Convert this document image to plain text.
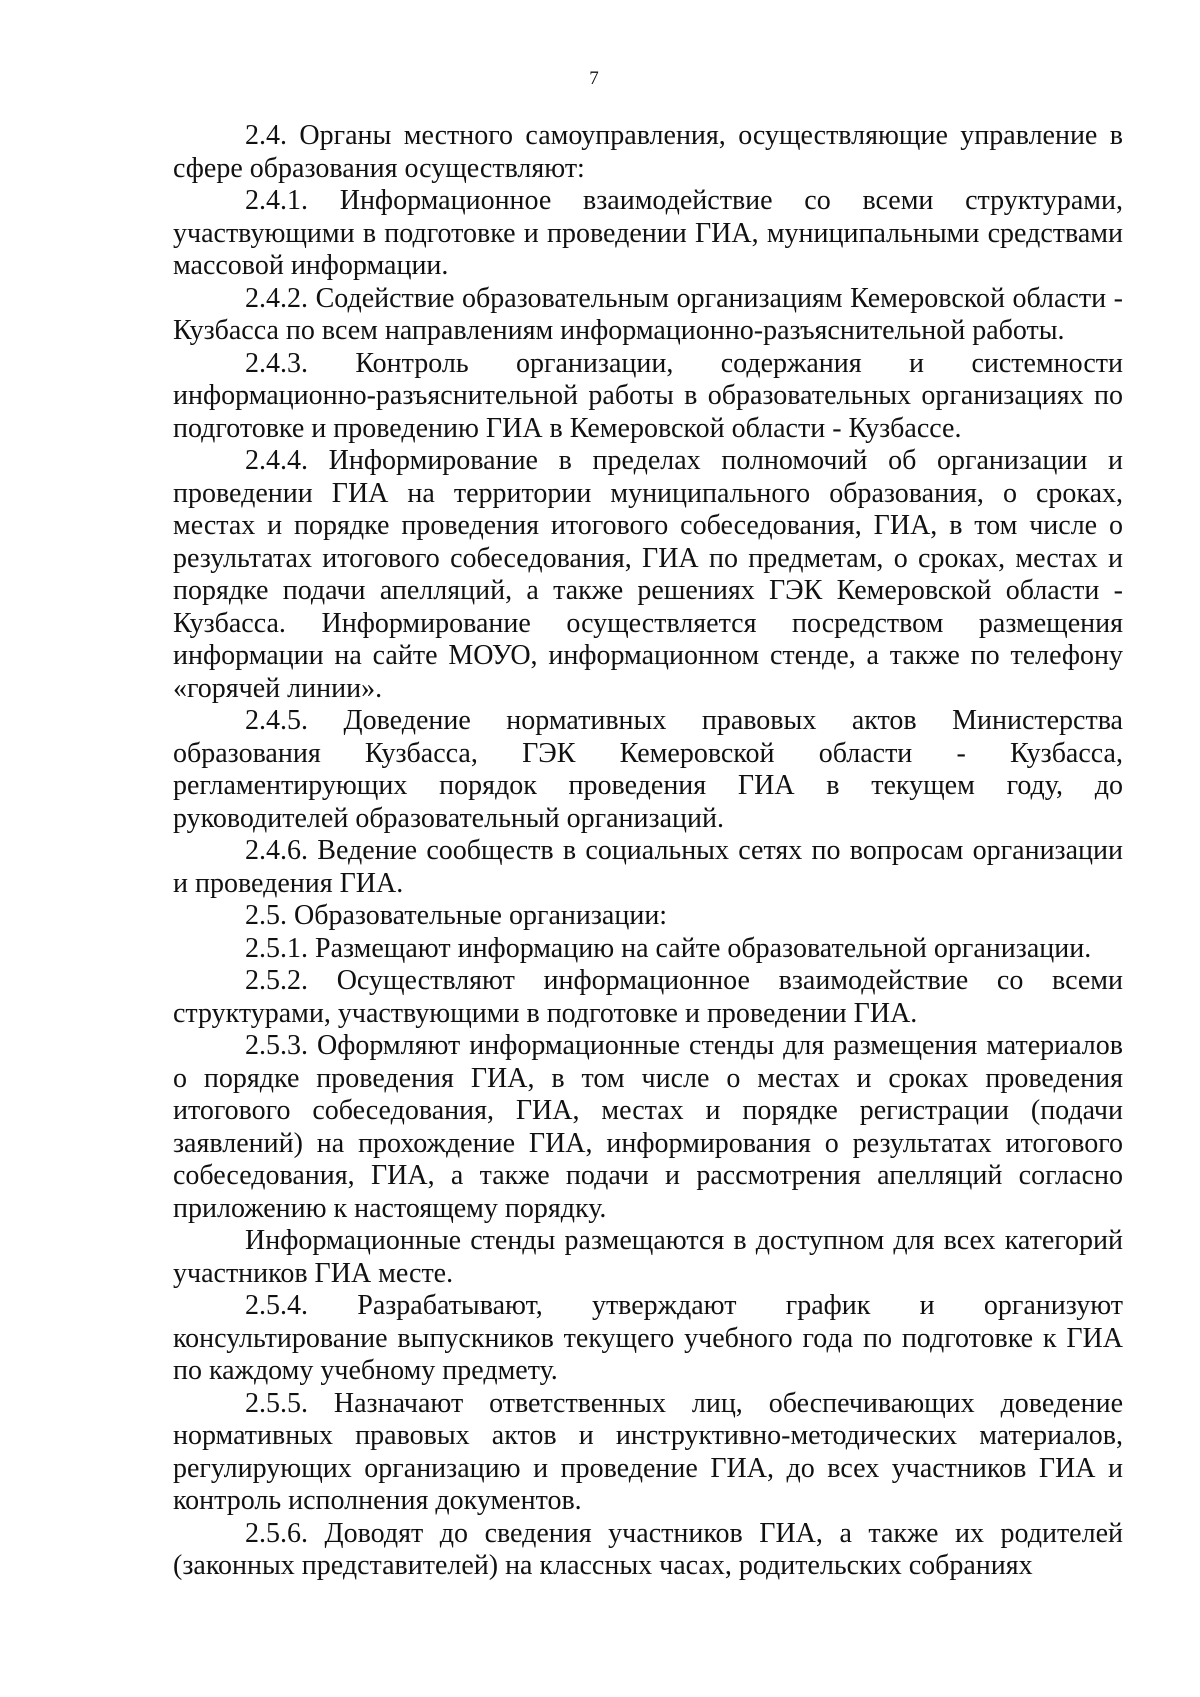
7

2.4. Органы местного самоуправления, осуществляющие управление в сфере образования осуществляют:

2.4.1. Информационное взаимодействие со всеми структурами, участвующими в подготовке и проведении ГИА, муниципальными средствами массовой информации.

2.4.2. Содействие образовательным организациям Кемеровской области - Кузбасса по всем направлениям информационно-разъяснительной работы.

2.4.3. Контроль организации, содержания и системности информационно-разъяснительной работы в образовательных организациях по подготовке и проведению ГИА в Кемеровской области - Кузбассе.

2.4.4. Информирование в пределах полномочий об организации и проведении ГИА на территории муниципального образования, о сроках, местах и порядке проведения итогового собеседования, ГИА, в том числе о результатах итогового собеседования, ГИА по предметам, о сроках, местах и порядке подачи апелляций, а также решениях ГЭК Кемеровской области - Кузбасса. Информирование осуществляется посредством размещения информации на сайте МОУО, информационном стенде, а также по телефону «горячей линии».

2.4.5. Доведение нормативных правовых актов Министерства образования Кузбасса, ГЭК Кемеровской области - Кузбасса, регламентирующих порядок проведения ГИА в текущем году, до руководителей образовательный организаций.

2.4.6. Ведение сообществ в социальных сетях по вопросам организации и проведения ГИА.

2.5. Образовательные организации:

2.5.1. Размещают информацию на сайте образовательной организации.

2.5.2. Осуществляют информационное взаимодействие со всеми структурами, участвующими в подготовке и проведении ГИА.

2.5.3. Оформляют информационные стенды для размещения материалов о порядке проведения ГИА, в том числе о местах и сроках проведения итогового собеседования, ГИА, местах и порядке регистрации (подачи заявлений) на прохождение ГИА, информирования о результатах итогового собеседования, ГИА, а также подачи и рассмотрения апелляций согласно приложению к настоящему порядку.

Информационные стенды размещаются в доступном для всех категорий участников ГИА месте.

2.5.4. Разрабатывают, утверждают график и организуют консультирование выпускников текущего учебного года по подготовке к ГИА по каждому учебному предмету.

2.5.5. Назначают ответственных лиц, обеспечивающих доведение нормативных правовых актов и инструктивно-методических материалов, регулирующих организацию и проведение ГИА, до всех участников ГИА и контроль исполнения документов.

2.5.6. Доводят до сведения участников ГИА, а также их родителей (законных представителей) на классных часах, родительских собраниях
